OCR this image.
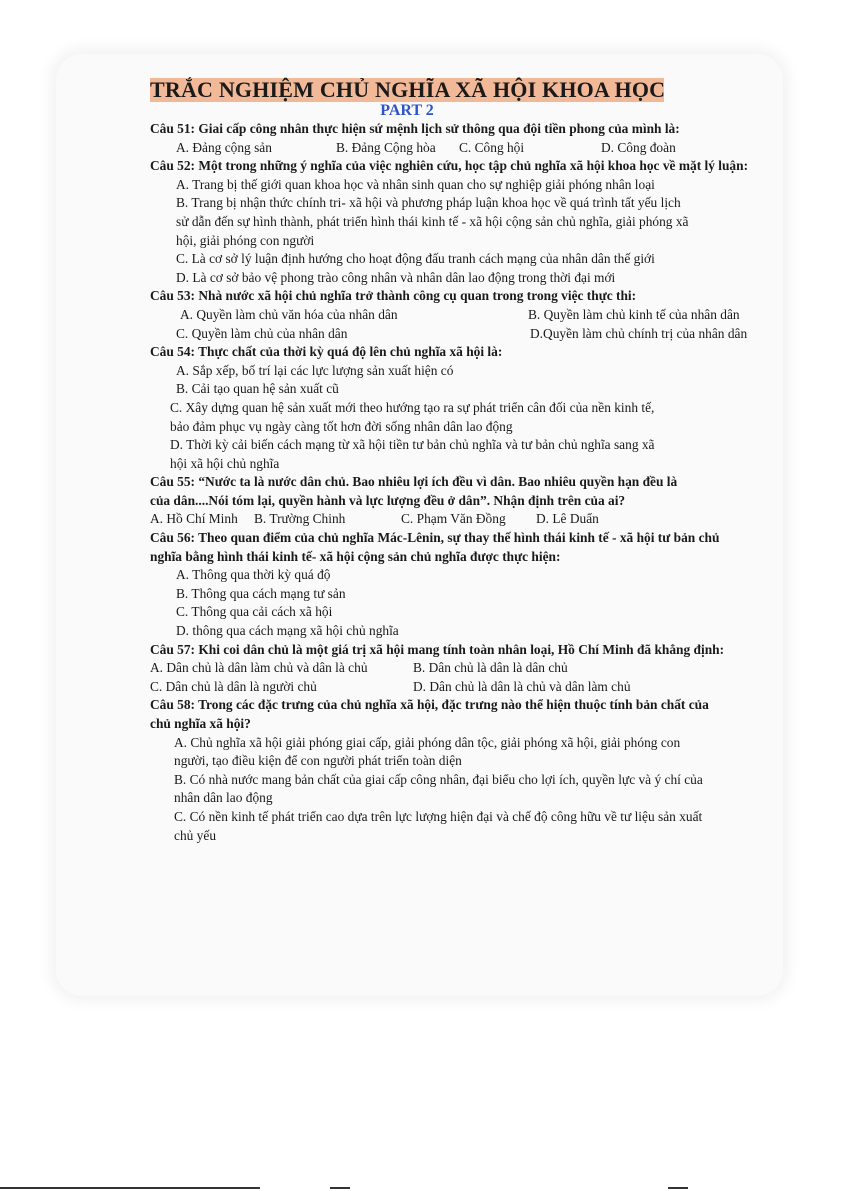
TRẮC NGHIỆM CHỦ NGHĨA XÃ HỘI KHOA HỌC
PART 2

Câu 51: Giai cấp công nhân thực hiện sứ mệnh lịch sử thông qua đội tiền phong của mình là:

A. Đảng cộng sản	B. Đảng Cộng hòa	C. Công hội	D. Công đoàn

Câu 52: Một trong những ý nghĩa của việc nghiên cứu, học tập chủ nghĩa xã hội khoa học về mặt lý luận:

A. Trang bị thế giới quan khoa học và nhân sinh quan cho sự nghiệp giải phóng nhân loại

B. Trang bị nhận thức chính tri- xã hội và phương pháp luận khoa học về quá trình tất yếu lịch sử dẫn đến sự hình thành, phát triển hình thái kinh tế - xã hội cộng sản chủ nghĩa, giải phóng xã hội, giải phóng con người

C. Là cơ sở lý luận định hướng cho hoạt động đấu tranh cách mạng của nhân dân thế giới

D. Là cơ sở bảo vệ phong trào công nhân và nhân dân lao động trong thời đại mới

Câu 53: Nhà nước xã hội chủ nghĩa trở thành công cụ quan trong trong việc thực thi:

A. Quyền làm chủ văn hóa của nhân dân	B. Quyền làm chủ kinh tế của nhân dân
C. Quyền làm chủ của nhân dân	D.Quyền làm chủ chính trị của nhân dân

Câu 54: Thực chất của thời kỳ quá độ lên chủ nghĩa xã hội là:

A. Sắp xếp, bố trí lại các lực lượng sản xuất hiện có

B. Cải tạo quan hệ sản xuất cũ

C. Xây dựng quan hệ sản xuất mới theo hướng tạo ra sự phát triển cân đối của nền kinh tế, bảo đảm phục vụ ngày càng tốt hơn đời sống nhân dân lao động

D. Thời kỳ cải biến cách mạng từ xã hội tiền tư bản chủ nghĩa và tư bản chủ nghĩa sang xã hội xã hội chủ nghĩa

Câu 55: “Nước ta là nước dân chủ. Bao nhiêu lợi ích đều vì dân. Bao nhiêu quyền hạn đều là của dân....Nói tóm lại, quyền hành và lực lượng đều ở dân”. Nhận định trên của ai?

A. Hồ Chí Minh	B. Trường Chinh	C. Phạm Văn Đồng	D. Lê Duẩn

Câu 56: Theo quan điểm của chủ nghĩa Mác-Lênin, sự thay thế hình thái kinh tế - xã hội tư bản chủ nghĩa bằng hình thái kinh tế- xã hội cộng sản chủ nghĩa được thực hiện:

A. Thông qua thời kỳ quá độ

B. Thông qua cách mạng tư sản

C. Thông qua cải cách xã hội

D. thông qua cách mạng xã hội chủ nghĩa

Câu 57: Khi coi dân chủ là một giá trị xã hội mang tính toàn nhân loại, Hồ Chí Minh đã khẳng định:

A. Dân chủ là dân làm chủ và dân là chủ	B. Dân chủ là dân là dân chủ
C. Dân chủ là dân là người chủ	D. Dân chủ là dân là chủ và dân làm chủ

Câu 58: Trong các đặc trưng của chủ nghĩa xã hội, đặc trưng nào thể hiện thuộc tính bản chất của chủ nghĩa xã hội?

A. Chủ nghĩa xã hội giải phóng giai cấp, giải phóng dân tộc, giải phóng xã hội, giải phóng con người, tạo điều kiện để con người phát triển toàn diện

B. Có nhà nước mang bản chất của giai cấp công nhân, đại biểu cho lợi ích, quyền lực và ý chí của nhân dân lao động

C. Có nền kinh tế phát triển cao dựa trên lực lượng hiện đại và chế độ công hữu về tư liệu sản xuất chủ yếu
